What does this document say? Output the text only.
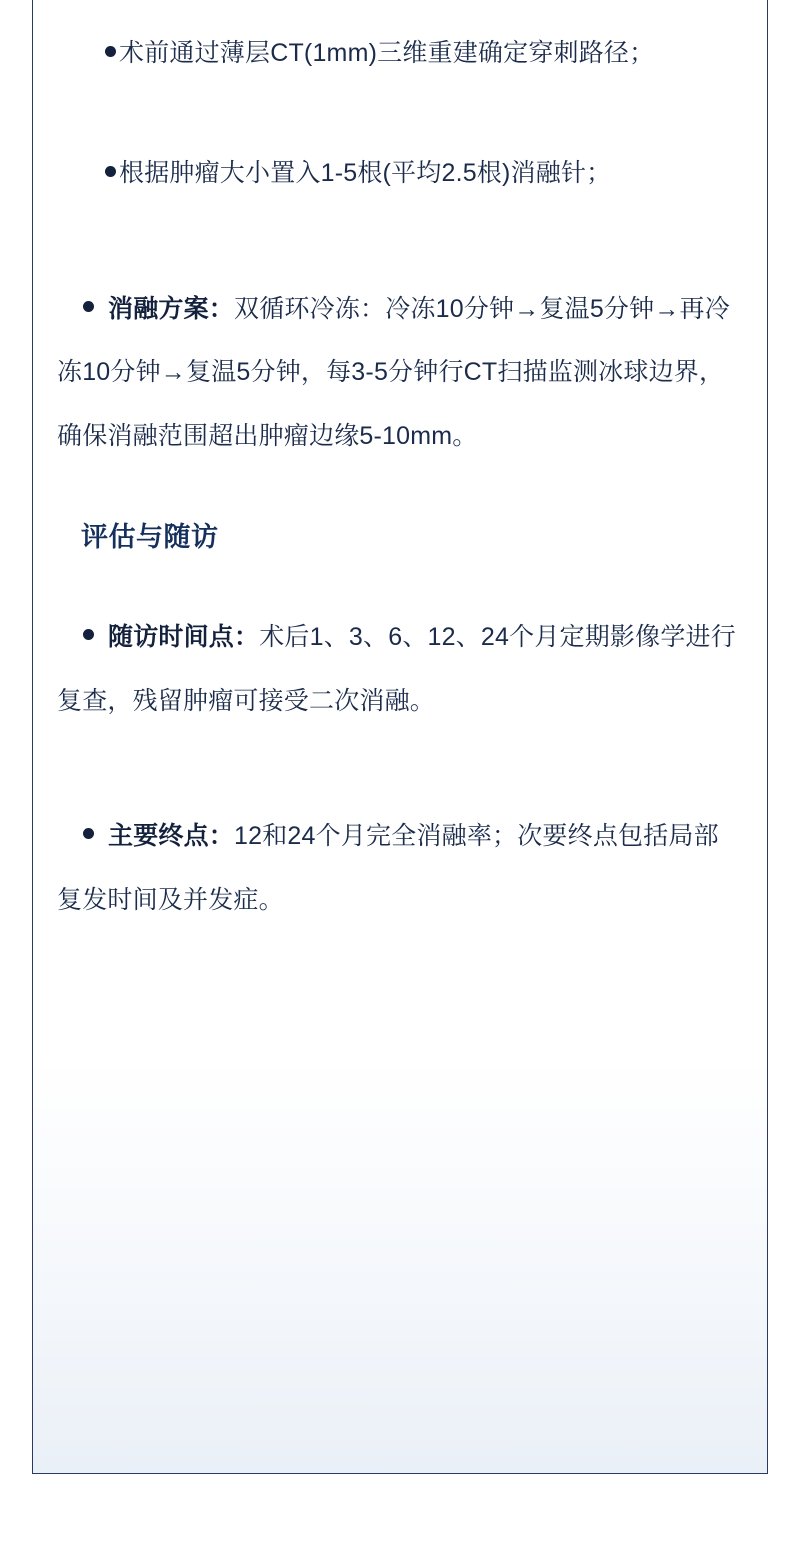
术前通过薄层CT(1mm)三维重建确定穿刺路径；

根据肿瘤大小置入1-5根(平均2.5根)消融针；

消融方案：双循环冷冻：冷冻10分钟→复温5分钟→再冷冻10分钟→复温5分钟，每3-5分钟行CT扫描监测冰球边界，确保消融范围超出肿瘤边缘5-10mm。

评估与随访

随访时间点：术后1、3、6、12、24个月定期影像学进行复查，残留肿瘤可接受二次消融。

主要终点：12和24个月完全消融率；次要终点包括局部复发时间及并发症。
